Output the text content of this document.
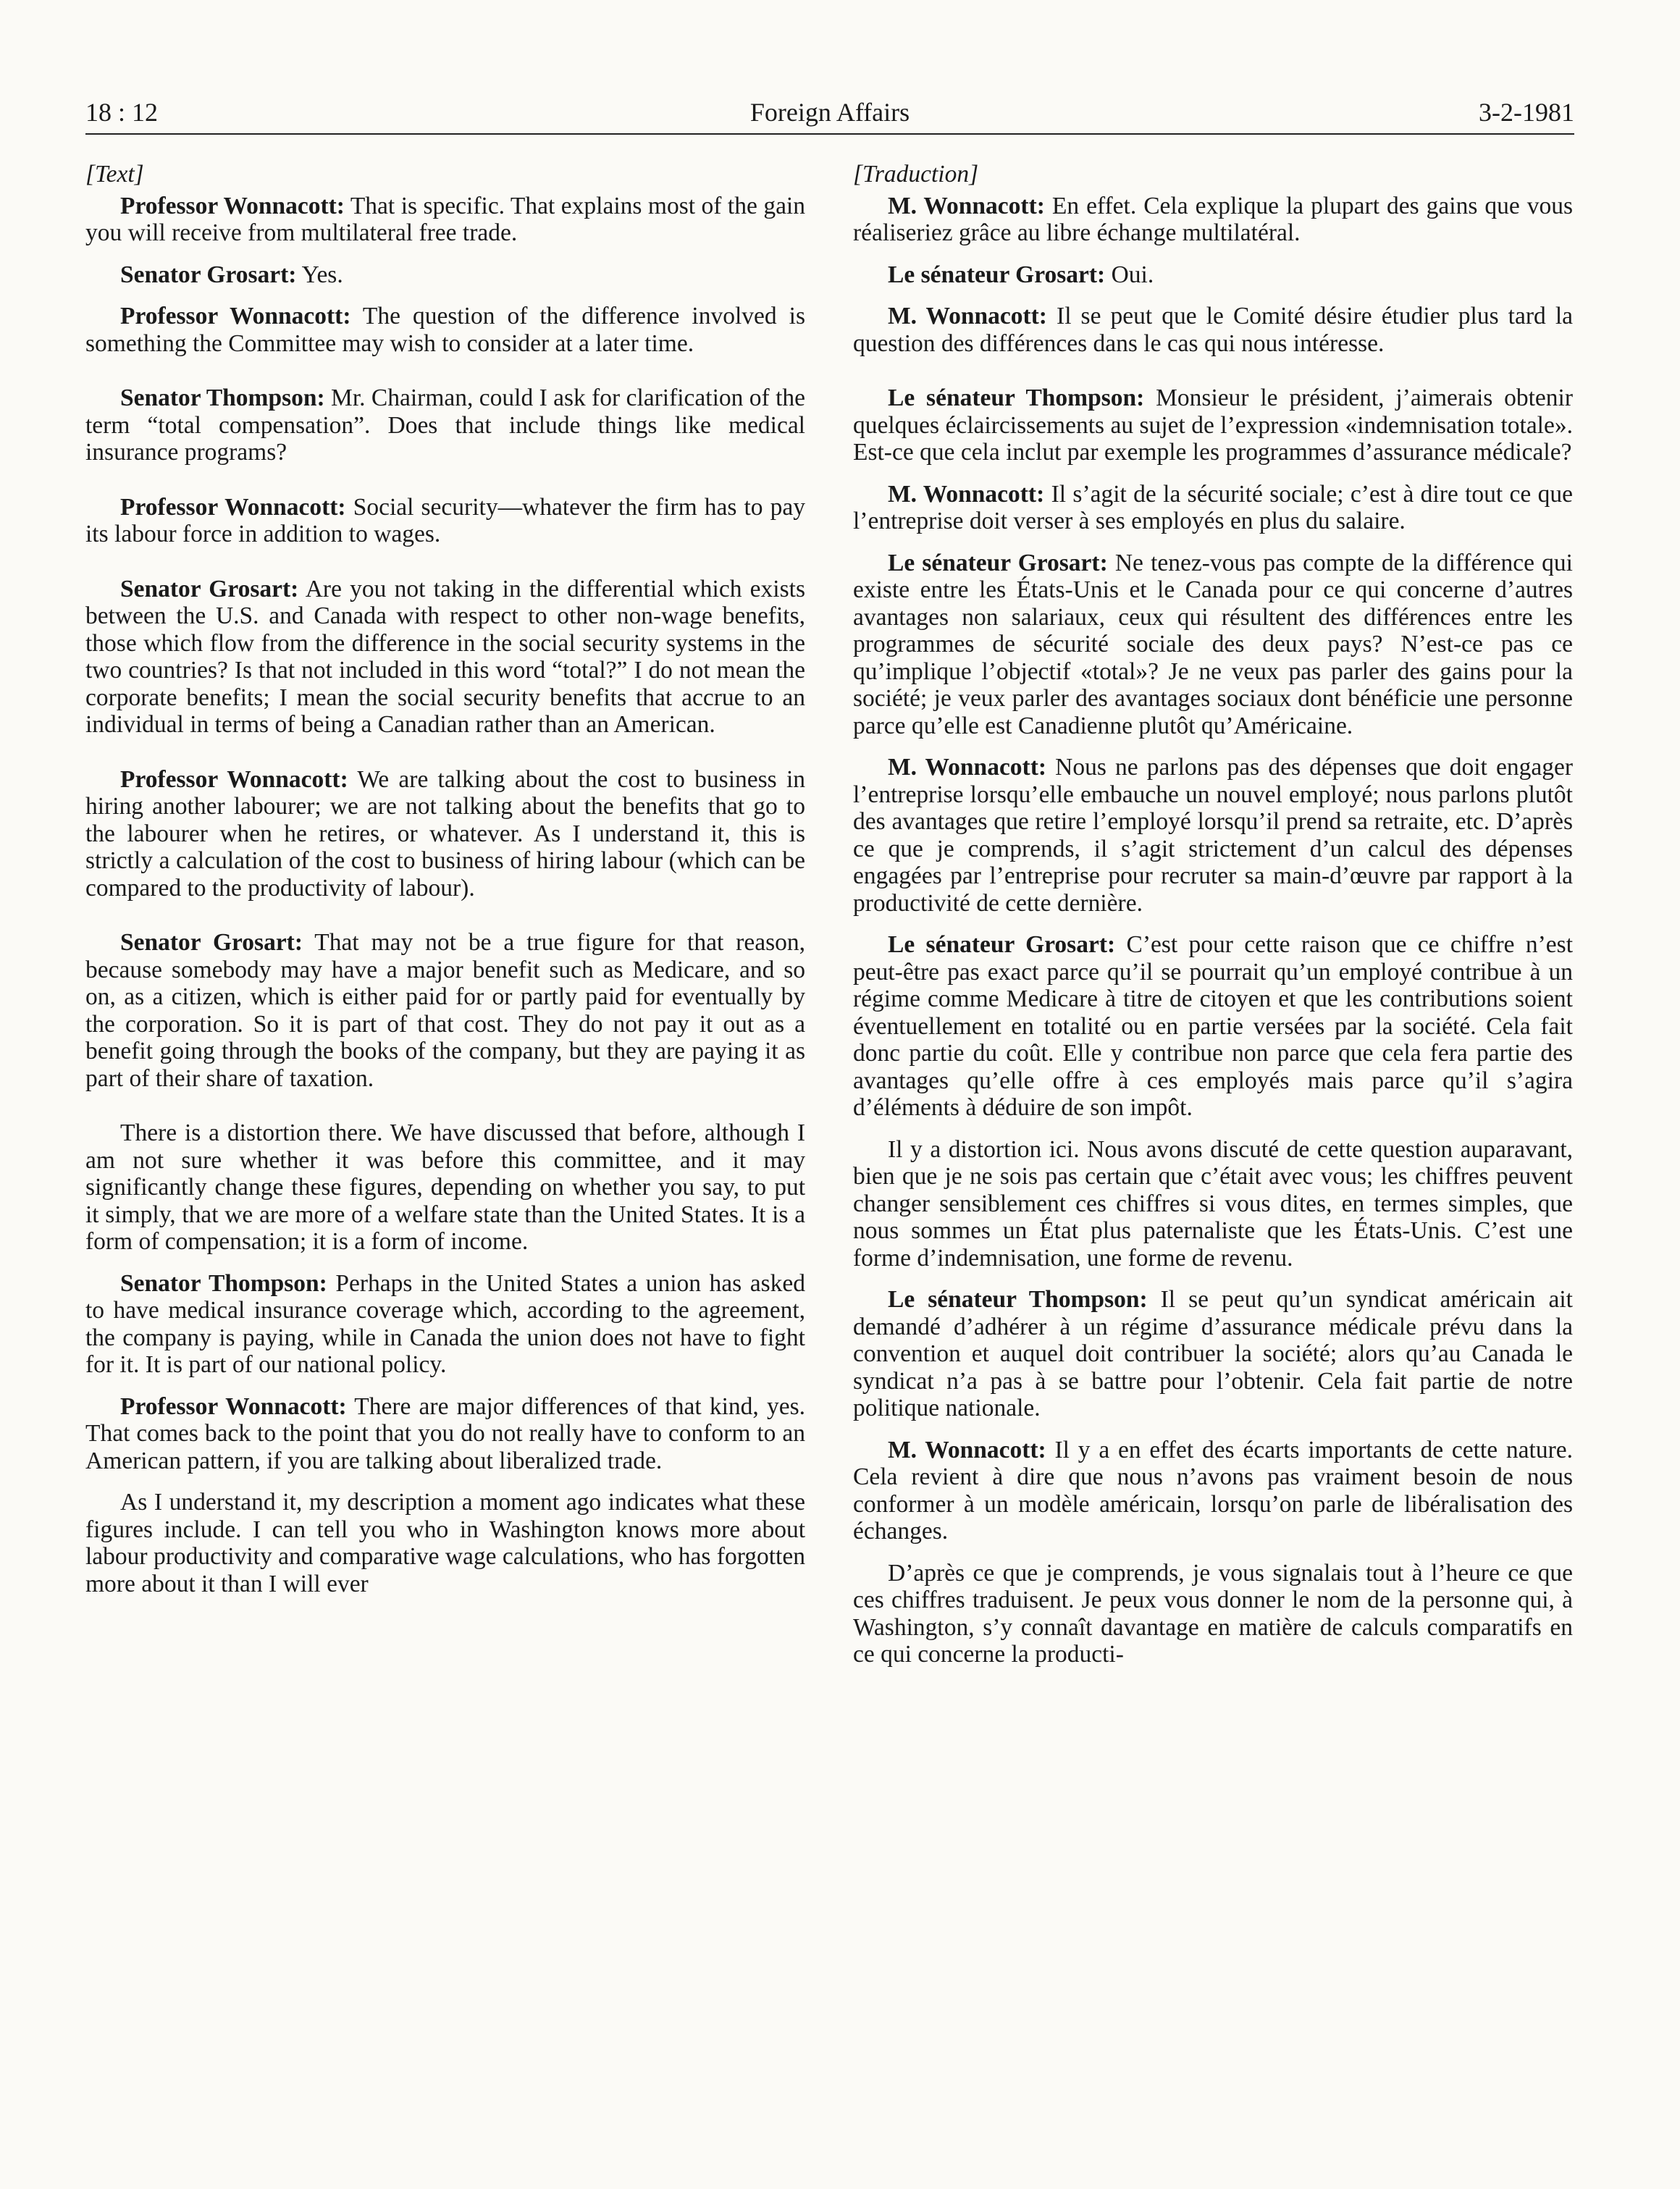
18 : 12	Foreign Affairs	3-2-1981
[Text]

Professor Wonnacott: That is specific. That explains most of the gain you will receive from multilateral free trade.

Senator Grosart: Yes.

Professor Wonnacott: The question of the difference involved is something the Committee may wish to consider at a later time.

Senator Thompson: Mr. Chairman, could I ask for clarification of the term “total compensation”. Does that include things like medical insurance programs?

Professor Wonnacott: Social security—whatever the firm has to pay its labour force in addition to wages.

Senator Grosart: Are you not taking in the differential which exists between the U.S. and Canada with respect to other non-wage benefits, those which flow from the difference in the social security systems in the two countries? Is that not included in this word “total?” I do not mean the corporate benefits; I mean the social security benefits that accrue to an individual in terms of being a Canadian rather than an American.

Professor Wonnacott: We are talking about the cost to business in hiring another labourer; we are not talking about the benefits that go to the labourer when he retires, or whatever. As I understand it, this is strictly a calculation of the cost to business of hiring labour (which can be compared to the productivity of labour).

Senator Grosart: That may not be a true figure for that reason, because somebody may have a major benefit such as Medicare, and so on, as a citizen, which is either paid for or partly paid for eventually by the corporation. So it is part of that cost. They do not pay it out as a benefit going through the books of the company, but they are paying it as part of their share of taxation.

There is a distortion there. We have discussed that before, although I am not sure whether it was before this committee, and it may significantly change these figures, depending on whether you say, to put it simply, that we are more of a welfare state than the United States. It is a form of compensation; it is a form of income.

Senator Thompson: Perhaps in the United States a union has asked to have medical insurance coverage which, according to the agreement, the company is paying, while in Canada the union does not have to fight for it. It is part of our national policy.

Professor Wonnacott: There are major differences of that kind, yes. That comes back to the point that you do not really have to conform to an American pattern, if you are talking about liberalized trade.

As I understand it, my description a moment ago indicates what these figures include. I can tell you who in Washington knows more about labour productivity and comparative wage calculations, who has forgotten more about it than I will ever

[Traduction]

M. Wonnacott: En effet. Cela explique la plupart des gains que vous réaliseriez grâce au libre échange multilatéral.

Le sénateur Grosart: Oui.

M. Wonnacott: Il se peut que le Comité désire étudier plus tard la question des différences dans le cas qui nous intéresse.

Le sénateur Thompson: Monsieur le président, j’aimerais obtenir quelques éclaircissements au sujet de l’expression «indemnisation totale». Est-ce que cela inclut par exemple les programmes d’assurance médicale?

M. Wonnacott: Il s’agit de la sécurité sociale; c’est à dire tout ce que l’entreprise doit verser à ses employés en plus du salaire.

Le sénateur Grosart: Ne tenez-vous pas compte de la différence qui existe entre les États-Unis et le Canada pour ce qui concerne d’autres avantages non salariaux, ceux qui résultent des différences entre les programmes de sécurité sociale des deux pays? N’est-ce pas ce qu’implique l’objectif «total»? Je ne veux pas parler des gains pour la société; je veux parler des avantages sociaux dont bénéficie une personne parce qu’elle est Canadienne plutôt qu’Américaine.

M. Wonnacott: Nous ne parlons pas des dépenses que doit engager l’entreprise lorsqu’elle embauche un nouvel employé; nous parlons plutôt des avantages que retire l’employé lorsqu’il prend sa retraite, etc. D’après ce que je comprends, il s’agit strictement d’un calcul des dépenses engagées par l’entreprise pour recruter sa main-d’œuvre par rapport à la productivité de cette dernière.

Le sénateur Grosart: C’est pour cette raison que ce chiffre n’est peut-être pas exact parce qu’il se pourrait qu’un employé contribue à un régime comme Medicare à titre de citoyen et que les contributions soient éventuellement en totalité ou en partie versées par la société. Cela fait donc partie du coût. Elle y contribue non parce que cela fera partie des avantages qu’elle offre à ces employés mais parce qu’il s’agira d’éléments à déduire de son impôt.

Il y a distortion ici. Nous avons discuté de cette question auparavant, bien que je ne sois pas certain que c’était avec vous; les chiffres peuvent changer sensiblement ces chiffres si vous dites, en termes simples, que nous sommes un État plus paternaliste que les États-Unis. C’est une forme d’indemnisation, une forme de revenu.

Le sénateur Thompson: Il se peut qu’un syndicat américain ait demandé d’adhérer à un régime d’assurance médicale prévu dans la convention et auquel doit contribuer la société; alors qu’au Canada le syndicat n’a pas à se battre pour l’obtenir. Cela fait partie de notre politique nationale.

M. Wonnacott: Il y a en effet des écarts importants de cette nature. Cela revient à dire que nous n’avons pas vraiment besoin de nous conformer à un modèle américain, lorsqu’on parle de libéralisation des échanges.

D’après ce que je comprends, je vous signalais tout à l’heure ce que ces chiffres traduisent. Je peux vous donner le nom de la personne qui, à Washington, s’y connaît davantage en matière de calculs comparatifs en ce qui concerne la producti-
